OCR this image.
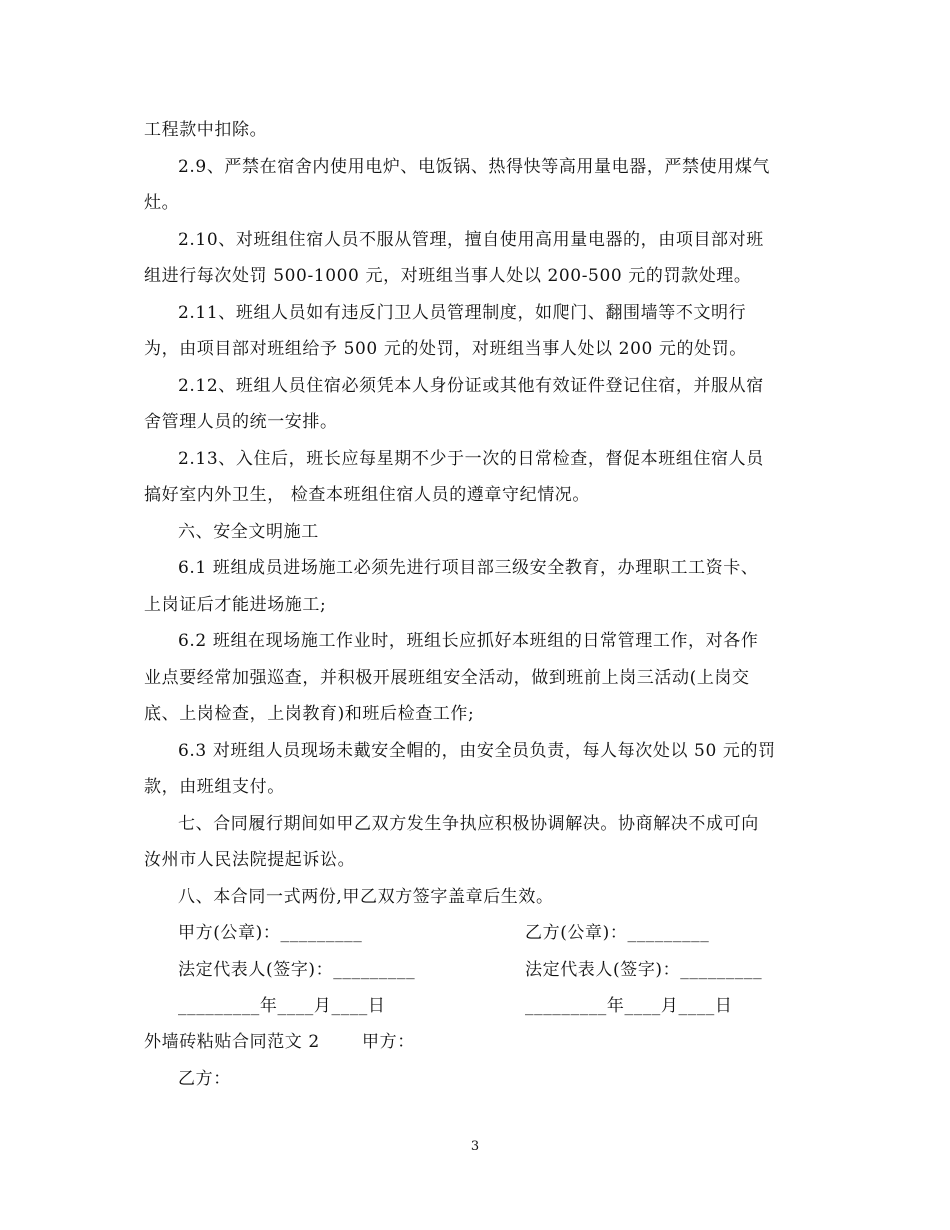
工程款中扣除。
2.9、严禁在宿舍内使用电炉、电饭锅、热得快等高用量电器，严禁使用煤气
灶。
2.10、对班组住宿人员不服从管理，擅自使用高用量电器的，由项目部对班
组进行每次处罚 500-1000 元，对班组当事人处以 200-500 元的罚款处理。
2.11、班组人员如有违反门卫人员管理制度，如爬门、翻围墙等不文明行
为，由项目部对班组给予 500 元的处罚，对班组当事人处以 200 元的处罚。
2.12、班组人员住宿必须凭本人身份证或其他有效证件登记住宿，并服从宿
舍管理人员的统一安排。
2.13、入住后，班长应每星期不少于一次的日常检查，督促本班组住宿人员
搞好室内外卫生， 检查本班组住宿人员的遵章守纪情况。
六、安全文明施工
6.1 班组成员进场施工必须先进行项目部三级安全教育，办理职工工资卡、
上岗证后才能进场施工;
6.2 班组在现场施工作业时，班组长应抓好本班组的日常管理工作，对各作
业点要经常加强巡查，并积极开展班组安全活动，做到班前上岗三活动(上岗交
底、上岗检查，上岗教育)和班后检查工作;
6.3 对班组人员现场未戴安全帽的，由安全员负责，每人每次处以 50 元的罚
款，由班组支付。
七、合同履行期间如甲乙双方发生争执应积极协调解决。协商解决不成可向
汝州市人民法院提起诉讼。
八、本合同一式两份,甲乙双方签字盖章后生效。
甲方(公章)：_________	乙方(公章)：_________
法定代表人(签字)：_________	法定代表人(签字)：_________
_________年____月____日	_________年____月____日
外墙砖粘贴合同范文 2 甲方：
乙方：
3
